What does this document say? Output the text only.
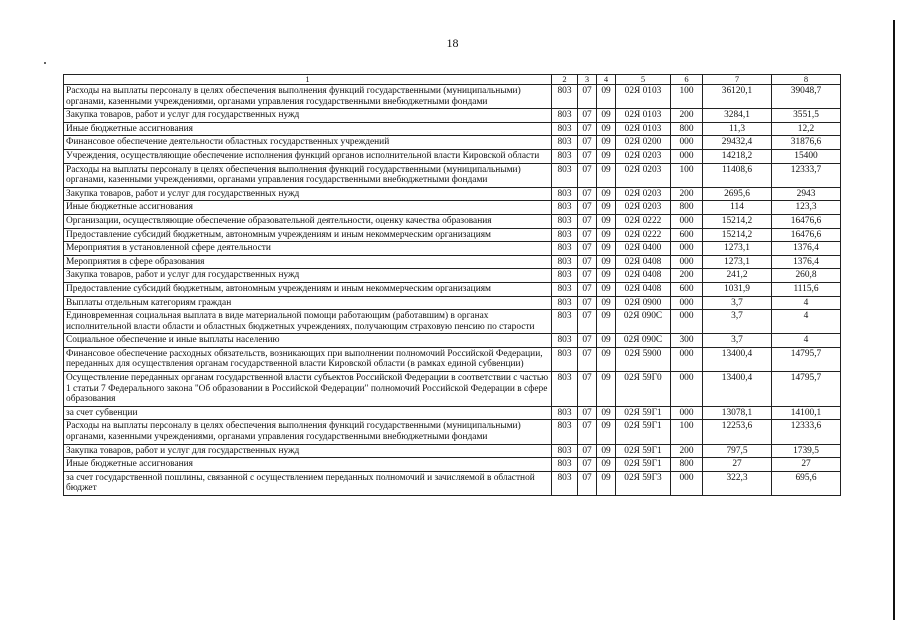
18
1	2	3	4	5	6	7	8
Расходы на выплаты персоналу в целях обеспечения выполнения функций государственными (муниципальными) органами, казенными учреждениями, органами управления государственными внебюджетными фондами	803	07	09	02Я 0103	100	36120,1	39048,7
Закупка товаров, работ и услуг для государственных нужд	803	07	09	02Я 0103	200	3284,1	3551,5
Иные бюджетные ассигнования	803	07	09	02Я 0103	800	11,3	12,2
Финансовое обеспечение деятельности областных государственных учреждений	803	07	09	02Я 0200	000	29432,4	31876,6
Учреждения, осуществляющие обеспечение исполнения функций органов исполнительной власти Кировской области	803	07	09	02Я 0203	000	14218,2	15400
Расходы на выплаты персоналу в целях обеспечения выполнения функций государственными (муниципальными) органами, казенными учреждениями, органами управления государственными внебюджетными фондами	803	07	09	02Я 0203	100	11408,6	12333,7
Закупка товаров, работ и услуг для государственных нужд	803	07	09	02Я 0203	200	2695,6	2943
Иные бюджетные ассигнования	803	07	09	02Я 0203	800	114	123,3
Организации, осуществляющие обеспечение образовательной деятельности, оценку качества образования	803	07	09	02Я 0222	000	15214,2	16476,6
Предоставление субсидий бюджетным, автономным учреждениям и иным некоммерческим организациям	803	07	09	02Я 0222	600	15214,2	16476,6
Мероприятия в установленной сфере деятельности	803	07	09	02Я 0400	000	1273,1	1376,4
Мероприятия в сфере образования	803	07	09	02Я 0408	000	1273,1	1376,4
Закупка товаров, работ и услуг для государственных нужд	803	07	09	02Я 0408	200	241,2	260,8
Предоставление субсидий бюджетным, автономным учреждениям и иным некоммерческим организациям	803	07	09	02Я 0408	600	1031,9	1115,6
Выплаты отдельным категориям граждан	803	07	09	02Я 0900	000	3,7	4
Единовременная социальная выплата в виде материальной помощи работающим (работавшим) в органах исполнительной власти области и областных бюджетных учреждениях, получающим страховую пенсию по старости	803	07	09	02Я 090С	000	3,7	4
Социальное обеспечение и иные выплаты населению	803	07	09	02Я 090С	300	3,7	4
Финансовое обеспечение расходных обязательств, возникающих при выполнении полномочий Российской Федерации, переданных для осуществления органам государственной власти Кировской области (в рамках единой субвенции)	803	07	09	02Я 5900	000	13400,4	14795,7
Осуществление переданных органам государственной власти субъектов Российской Федерации в соответствии с частью 1 статьи 7 Федерального закона "Об образовании в Российской Федерации" полномочий Российской Федерации в сфере образования	803	07	09	02Я 59Г0	000	13400,4	14795,7
за счет субвенции	803	07	09	02Я 59Г1	000	13078,1	14100,1
Расходы на выплаты персоналу в целях обеспечения выполнения функций государственными (муниципальными) органами, казенными учреждениями, органами управления государственными внебюджетными фондами	803	07	09	02Я 59Г1	100	12253,6	12333,6
Закупка товаров, работ и услуг для государственных нужд	803	07	09	02Я 59Г1	200	797,5	1739,5
Иные бюджетные ассигнования	803	07	09	02Я 59Г1	800	27	27
за счет государственной пошлины, связанной с осуществлением переданных полномочий и зачисляемой в областной бюджет	803	07	09	02Я 59Г3	000	322,3	695,6
